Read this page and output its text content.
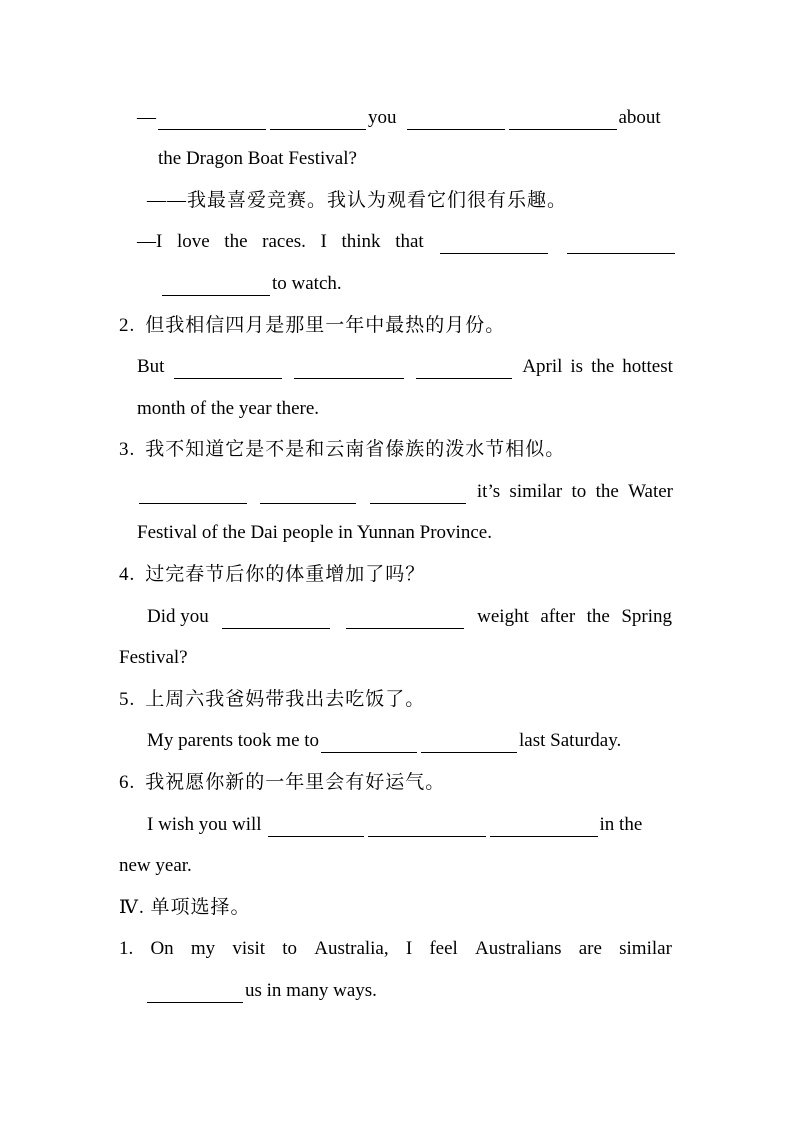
—	you	about
the Dragon Boat Festival?
——我最喜爱竞赛。我认为观看它们很有乐趣。
—I love the races. I think that
to watch.
2. 但我相信四月是那里一年中最热的月份。
But	April is the hottest
month of the year there.
3. 我不知道它是不是和云南省傣族的泼水节相似。
it’s similar to the Water
Festival of the Dai people in Yunnan Province.
4. 过完春节后你的体重增加了吗？
Did you	weight after the Spring
Festival?
5. 上周六我爸妈带我出去吃饭了。
My parents took me to	last Saturday.
6. 我祝愿你新的一年里会有好运气。
I wish you will	in the
new year.
Ⅳ. 单项选择。
1. On my visit to Australia, I feel Australians are similar
us in many ways.
